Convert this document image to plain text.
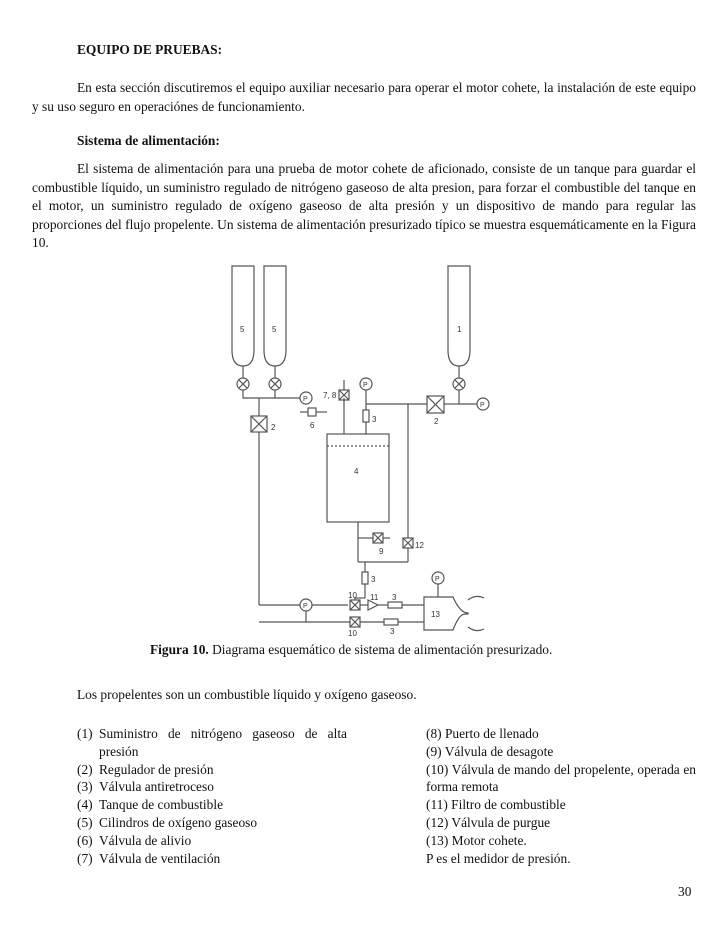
EQUIPO DE PRUEBAS:

En esta sección discutiremos el equipo auxiliar necesario para operar el motor cohete, la instalación de este equipo y su uso seguro en operaciónes de funcionamiento.

Sistema de alimentación:

El sistema de alimentación para una prueba de motor cohete de aficionado, consiste de un tanque para guardar el combustible líquido, un suministro regulado de nitrógeno gaseoso de alta presion, para forzar el combustible del tanque en el motor, un suministro regulado de oxígeno gaseoso de alta presión y un dispositivo de mando para regular las proporciones del flujo propelente. Un sistema de alimentación presurizado típico se muestra esquemáticamente en la Figura 10.

5	5	1
2
2
7, 8
6
3
4
9
12
3
10 11 3
10	3
13
P
P
P
P
P
Figura 10. Diagrama esquemático de sistema de alimentación presurizado.
Los propelentes son un combustible líquido y oxígeno gaseoso.
(1) Suministro de nitrógeno gaseoso de alta presión
(2) Regulador de presión
(3) Válvula antiretroceso
(4) Tanque de combustible
(5) Cilindros de oxígeno gaseoso
(6) Válvula de alivio
(7) Válvula de ventilación

(8) Puerto de llenado

(9) Válvula de desagote

(10) Válvula de mando del propelente, operada en forma remota

(11) Filtro de combustible

(12) Válvula de purgue

(13) Motor cohete.

P es el medidor de presión.

30
